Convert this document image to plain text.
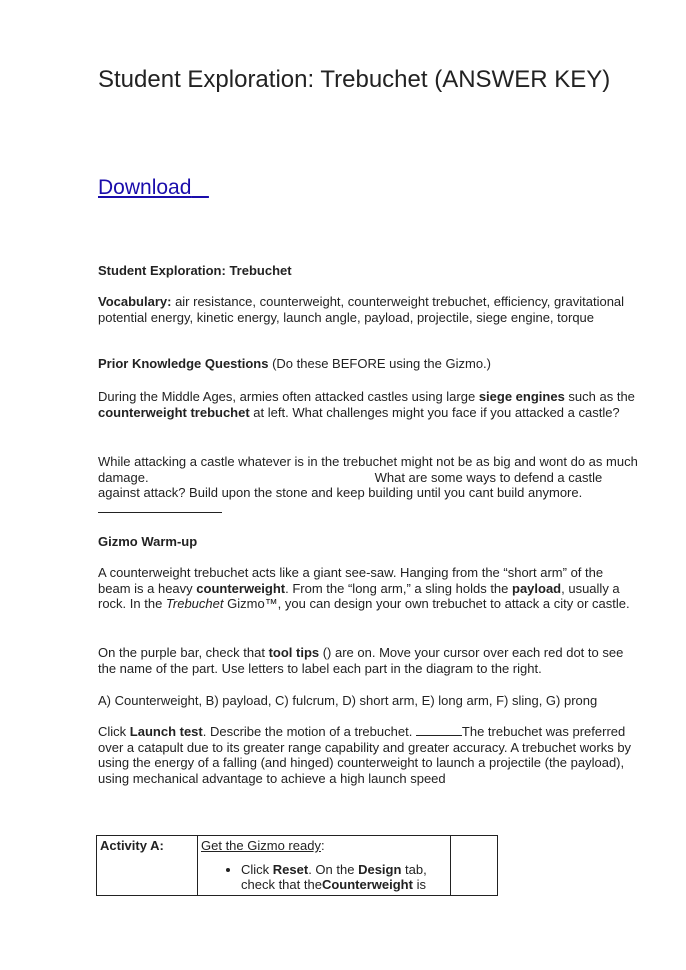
Student Exploration: Trebuchet (ANSWER KEY)
Download
Student Exploration: Trebuchet
Vocabulary: air resistance, counterweight, counterweight trebuchet, efficiency, gravitational potential energy, kinetic energy, launch angle, payload, projectile, siege engine, torque
Prior Knowledge Questions (Do these BEFORE using the Gizmo.)
During the Middle Ages, armies often attacked castles using large siege engines such as the counterweight trebuchet at left. What challenges might you face if you attacked a castle?
While attacking a castle whatever is in the trebuchet might not be as big and wont do as much damage.	What are some ways to defend a castle against attack? Build upon the stone and keep building until you cant build anymore.
Gizmo Warm-up
A counterweight trebuchet acts like a giant see-saw. Hanging from the “short arm” of the beam is a heavy counterweight. From the “long arm,” a sling holds the payload, usually a rock. In the Trebuchet Gizmo™, you can design your own trebuchet to attack a city or castle.
On the purple bar, check that tool tips () are on. Move your cursor over each red dot to see the name of the part. Use letters to label each part in the diagram to the right.
A) Counterweight, B) payload, C) fulcrum, D) short arm, E) long arm, F) sling, G) prong
Click Launch test. Describe the motion of a trebuchet.	The trebuchet was preferred over a catapult due to its greater range capability and greater accuracy. A trebuchet works by using the energy of a falling (and hinged) counterweight to launch a projectile (the payload), using mechanical advantage to achieve a high launch speed
Activity A:	Get the Gizmo ready:
• Click Reset. On the Design tab, check that theCounterweight is
